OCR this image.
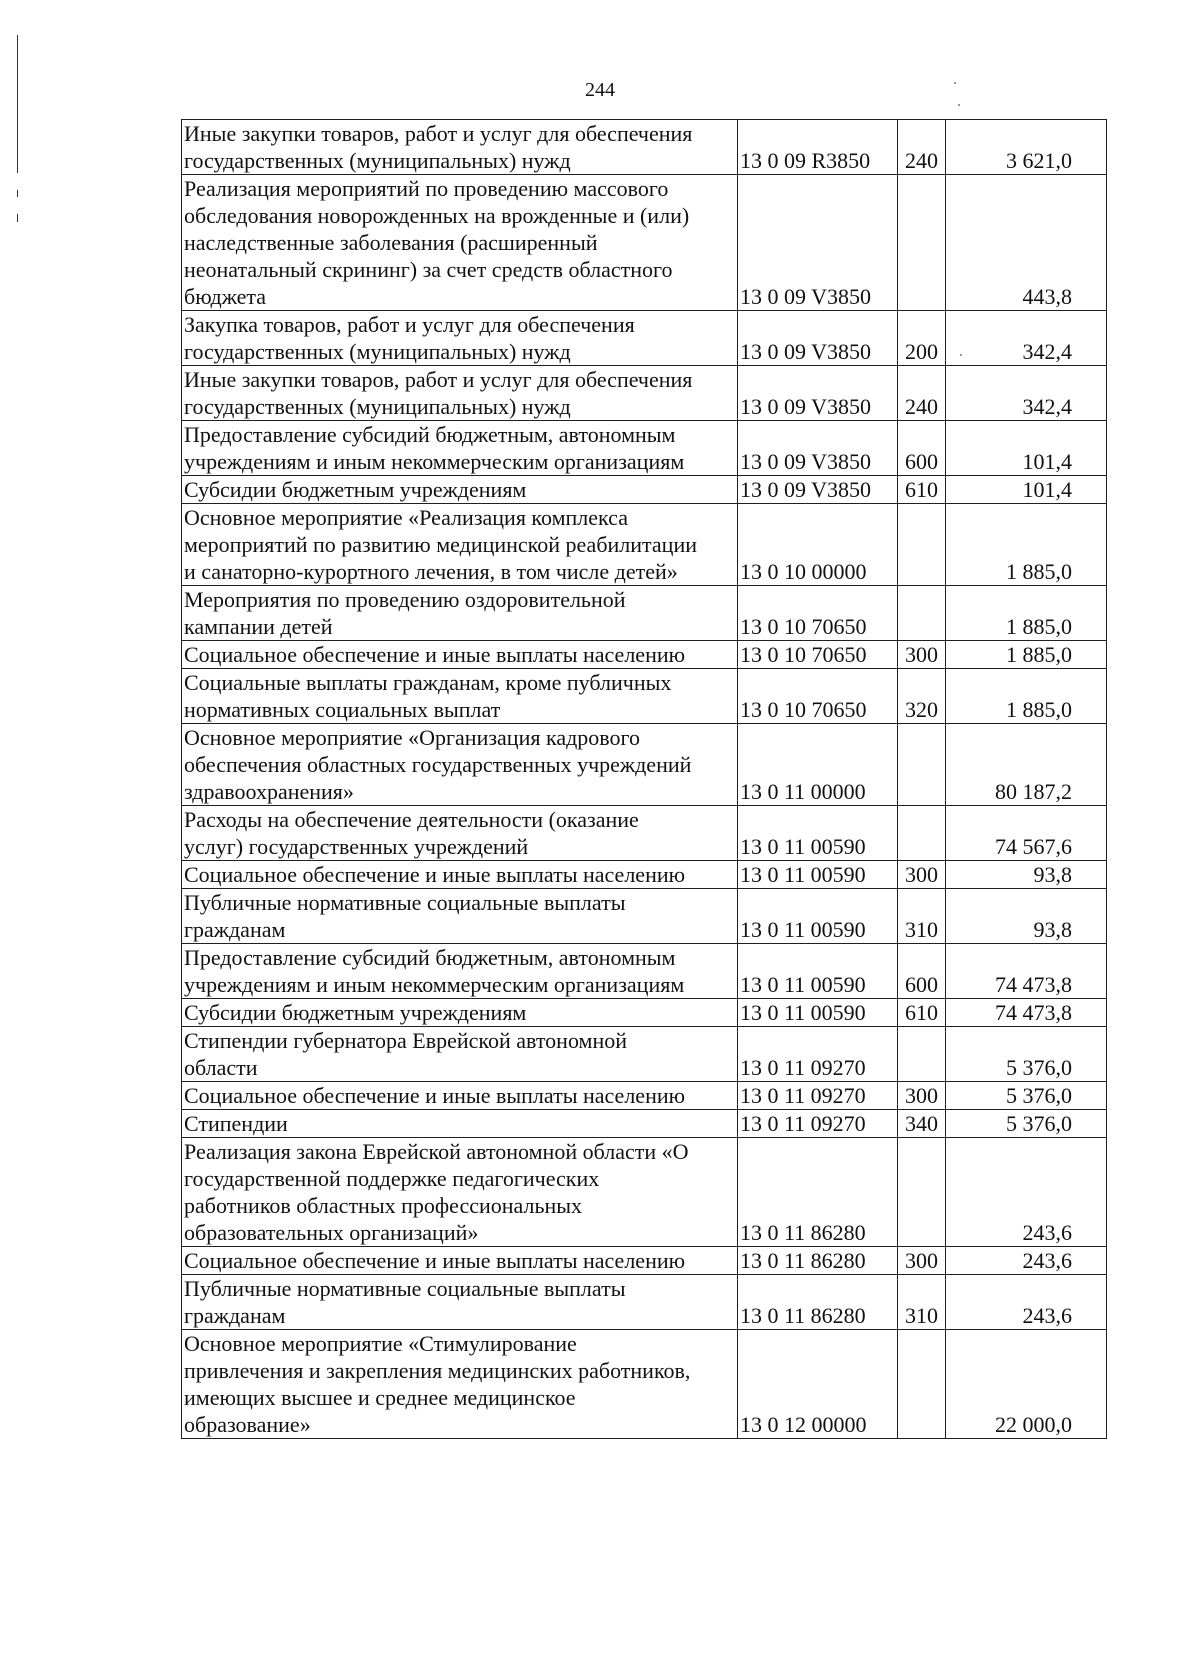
244
Иные закупки товаров, работ и услуг для обеспечения
государственных (муниципальных) нужд	13 0 09 R3850	240	3 621,0
Реализация мероприятий по проведению массового
обследования новорожденных на врожденные и (или)
наследственные заболевания (расширенный
неонатальный скрининг) за счет средств областного
бюджета	13 0 09 V3850		443,8
Закупка товаров, работ и услуг для обеспечения
государственных (муниципальных) нужд	13 0 09 V3850	200	342,4
Иные закупки товаров, работ и услуг для обеспечения
государственных (муниципальных) нужд	13 0 09 V3850	240	342,4
Предоставление субсидий бюджетным, автономным
учреждениям и иным некоммерческим организациям	13 0 09 V3850	600	101,4
Субсидии бюджетным учреждениям	13 0 09 V3850	610	101,4
Основное мероприятие «Реализация комплекса
мероприятий по развитию медицинской реабилитации
и санаторно-курортного лечения, в том числе детей»	13 0 10 00000		1 885,0
Мероприятия по проведению оздоровительной
кампании детей	13 0 10 70650		1 885,0
Социальное обеспечение и иные выплаты населению	13 0 10 70650	300	1 885,0
Социальные выплаты гражданам, кроме публичных
нормативных социальных выплат	13 0 10 70650	320	1 885,0
Основное мероприятие «Организация кадрового
обеспечения областных государственных учреждений
здравоохранения»	13 0 11 00000		80 187,2
Расходы на обеспечение деятельности (оказание
услуг) государственных учреждений	13 0 11 00590		74 567,6
Социальное обеспечение и иные выплаты населению	13 0 11 00590	300	93,8
Публичные нормативные социальные выплаты
гражданам	13 0 11 00590	310	93,8
Предоставление субсидий бюджетным, автономным
учреждениям и иным некоммерческим организациям	13 0 11 00590	600	74 473,8
Субсидии бюджетным учреждениям	13 0 11 00590	610	74 473,8
Стипендии губернатора Еврейской автономной
области	13 0 11 09270		5 376,0
Социальное обеспечение и иные выплаты населению	13 0 11 09270	300	5 376,0
Стипендии	13 0 11 09270	340	5 376,0
Реализация закона Еврейской автономной области «О
государственной поддержке педагогических
работников областных профессиональных
образовательных организаций»	13 0 11 86280		243,6
Социальное обеспечение и иные выплаты населению	13 0 11 86280	300	243,6
Публичные нормативные социальные выплаты
гражданам	13 0 11 86280	310	243,6
Основное мероприятие «Стимулирование
привлечения и закрепления медицинских работников,
имеющих высшее и среднее медицинское
образование»	13 0 12 00000		22 000,0
